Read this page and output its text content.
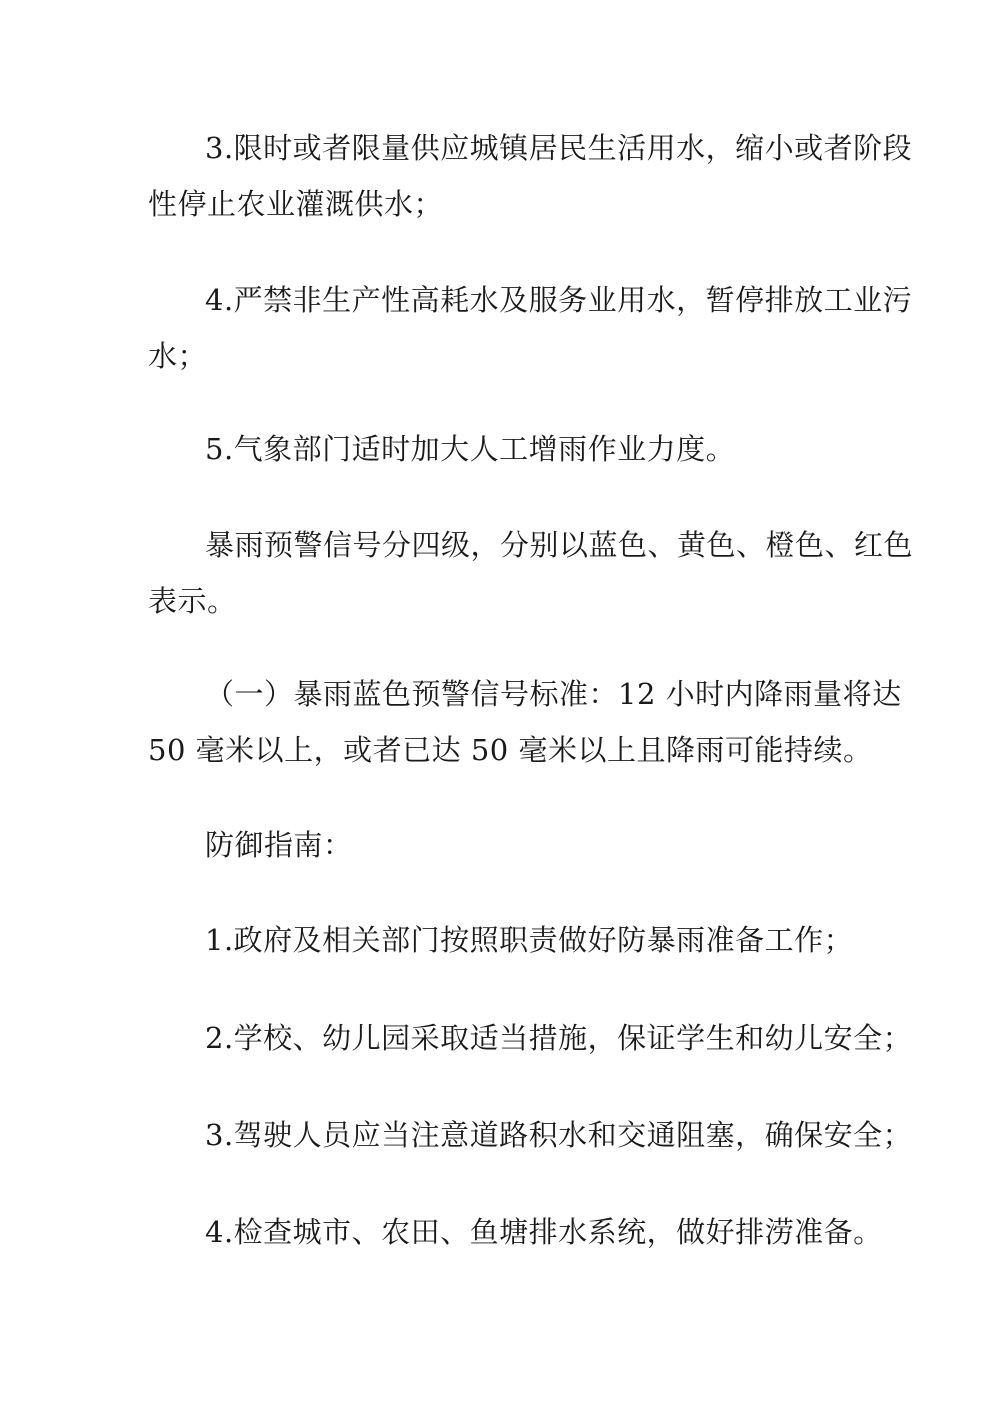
3.限时或者限量供应城镇居民生活用水，缩小或者阶段
性停止农业灌溉供水；
4.严禁非生产性高耗水及服务业用水，暂停排放工业污
水；
5.气象部门适时加大人工增雨作业力度。
暴雨预警信号分四级，分别以蓝色、黄色、橙色、红色
表示。
（一）暴雨蓝色预警信号标准：12 小时内降雨量将达
50 毫米以上，或者已达 50 毫米以上且降雨可能持续。
防御指南：
1.政府及相关部门按照职责做好防暴雨准备工作；
2.学校、幼儿园采取适当措施，保证学生和幼儿安全；
3.驾驶人员应当注意道路积水和交通阻塞，确保安全；
4.检查城市、农田、鱼塘排水系统，做好排涝准备。
